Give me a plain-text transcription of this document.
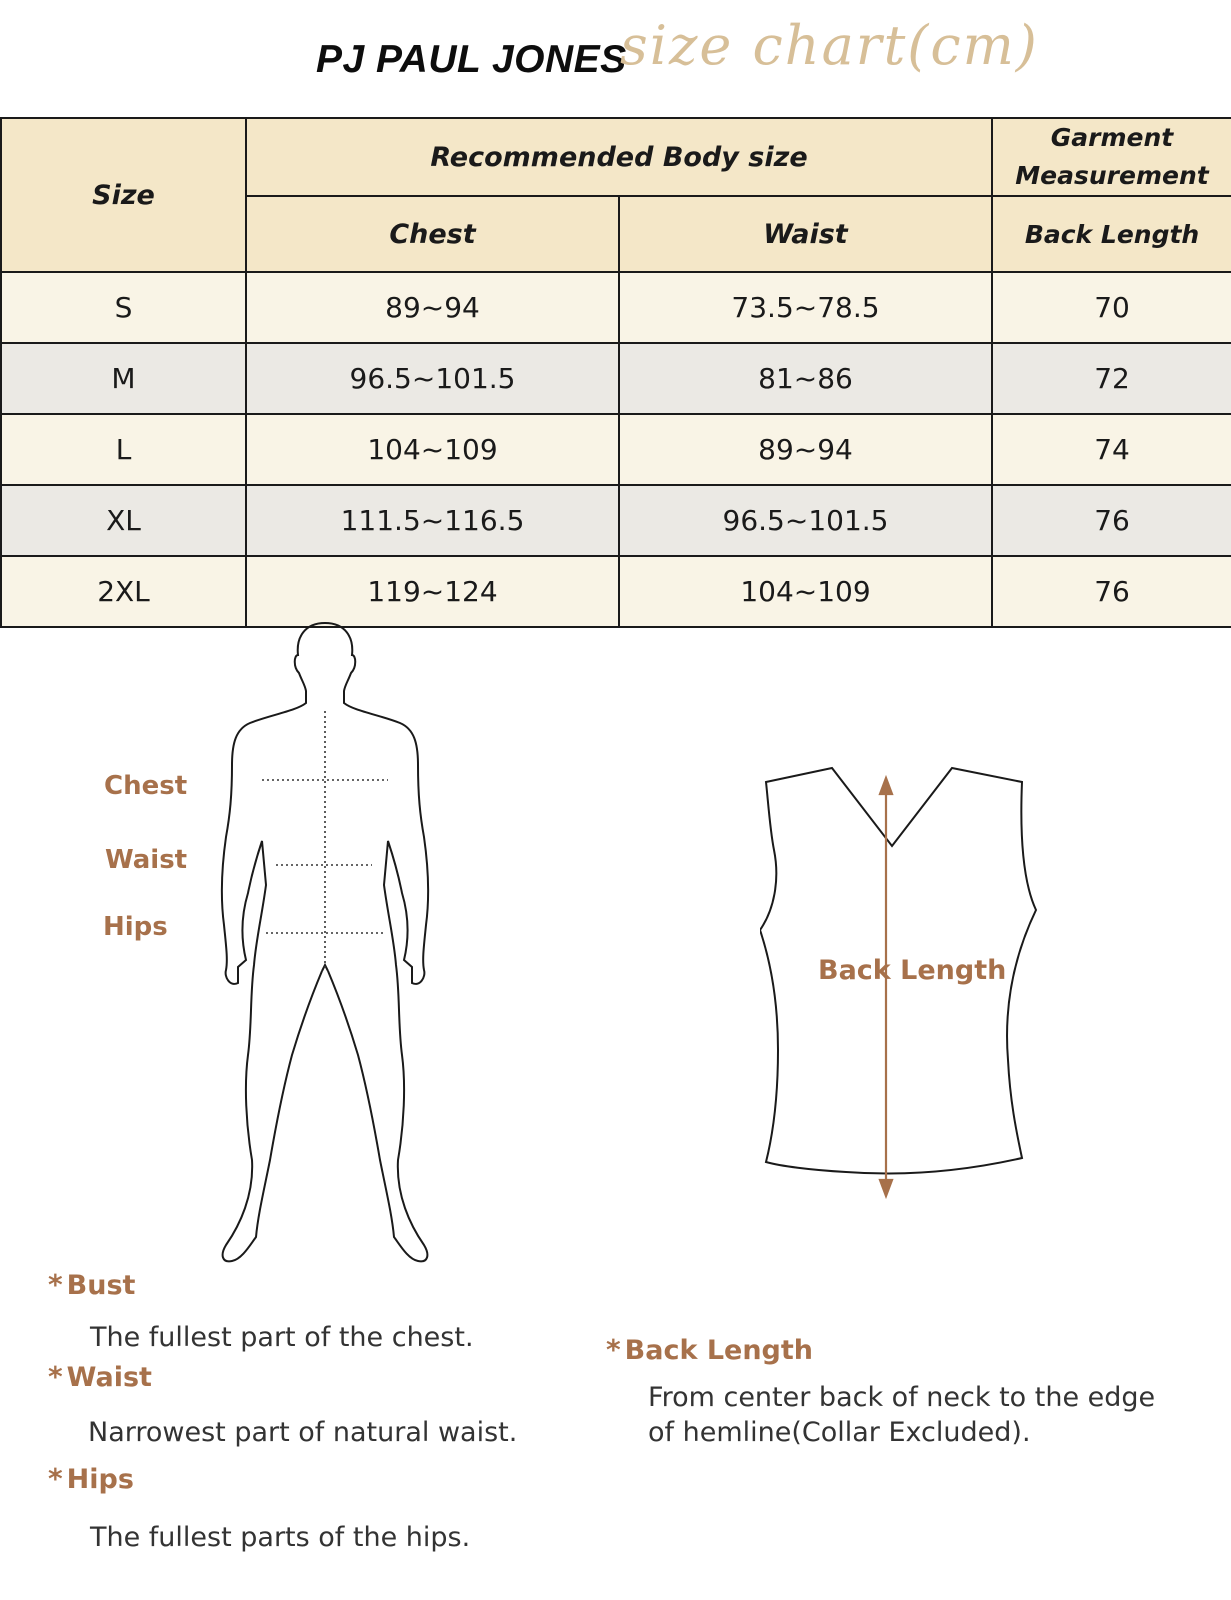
PJ PAUL JONES
size chart(cm)
Size	Recommended Body size		Garment Measurement
	Chest	Waist	Back Length
S	89~94	73.5~78.5	70
M	96.5~101.5	81~86	72
L	104~109	89~94	74
XL	111.5~116.5	96.5~101.5	76
2XL	119~124	104~109	76
Chest
Waist
Hips
Back Length
* Bust
The fullest part of the chest.
* Waist
Narrowest part of natural waist.
* Hips
The fullest parts of the hips.
* Back Length
From center back of neck to the edge
of hemline(Collar Excluded).
